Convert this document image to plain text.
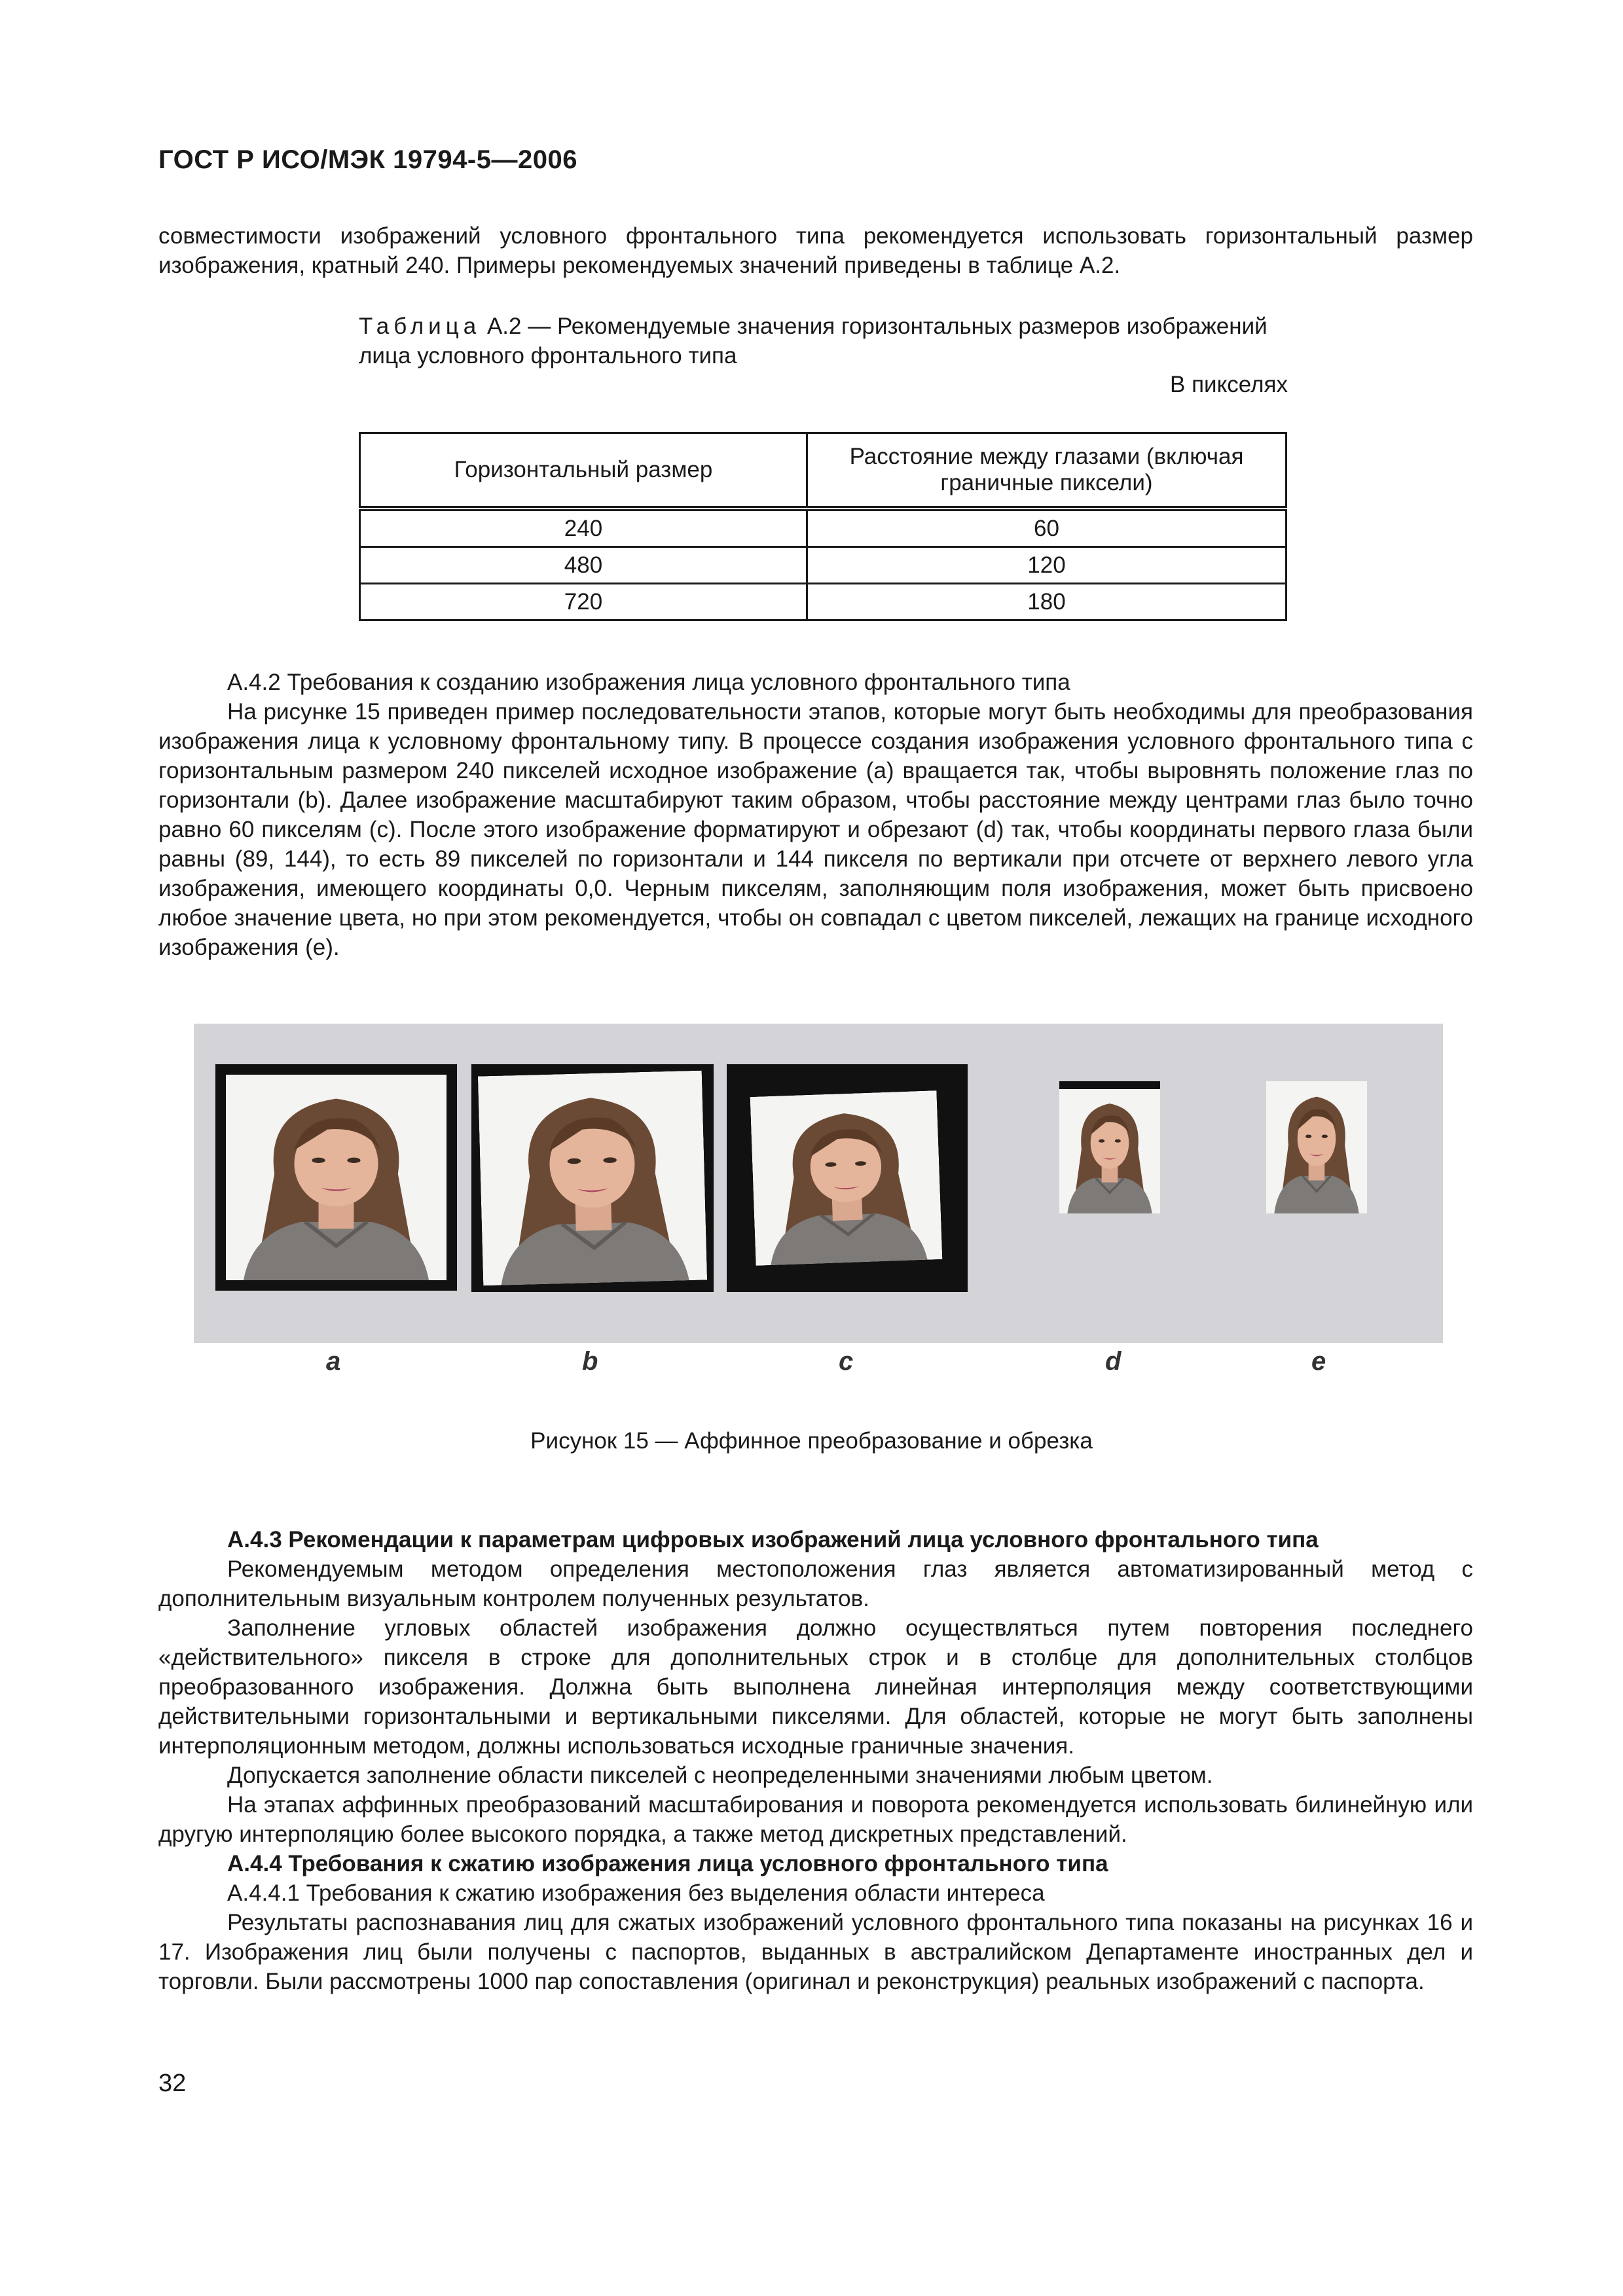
ГОСТ Р ИСО/МЭК 19794-5—2006
совместимости изображений условного фронтального типа рекомендуется использовать горизонтальный размер изображения, кратный 240. Примеры рекомендуемых значений приведены в таблице А.2.
Таблица А.2 — Рекомендуемые значения горизонтальных размеров изображений лица условного фронтального типа
В пикселях
Горизонтальный размер	Расстояние между глазами (включая граничные пиксели)
240	60
480	120
720	180
А.4.2 Требования к созданию изображения лица условного фронтального типа
На рисунке 15 приведен пример последовательности этапов, которые могут быть необходимы для преобразования изображения лица к условному фронтальному типу. В процессе создания изображения условного фронтального типа с горизонтальным размером 240 пикселей исходное изображение (а) вращается так, чтобы выровнять положение глаз по горизонтали (b). Далее изображение масштабируют таким образом, чтобы расстояние между центрами глаз было точно равно 60 пикселям (с). После этого изображение форматируют и обрезают (d) так, чтобы координаты первого глаза были равны (89, 144), то есть 89 пикселей по горизонтали и 144 пикселя по вертикали при отсчете от верхнего левого угла изображения, имеющего координаты 0,0. Черным пикселям, заполняющим поля изображения, может быть присвоено любое значение цвета, но при этом рекомендуется, чтобы он совпадал с цветом пикселей, лежащих на границе исходного изображения (е).
a	b	c	d	e
Рисунок 15 — Аффинное преобразование и обрезка
А.4.3 Рекомендации к параметрам цифровых изображений лица условного фронтального типа
Рекомендуемым методом определения местоположения глаз является автоматизированный метод с дополнительным визуальным контролем полученных результатов.
Заполнение угловых областей изображения должно осуществляться путем повторения последнего «действительного» пикселя в строке для дополнительных строк и в столбце для дополнительных столбцов преобразованного изображения. Должна быть выполнена линейная интерполяция между соответствующими действительными горизонтальными и вертикальными пикселями. Для областей, которые не могут быть заполнены интерполяционным методом, должны использоваться исходные граничные значения.
Допускается заполнение области пикселей с неопределенными значениями любым цветом.
На этапах аффинных преобразований масштабирования и поворота рекомендуется использовать билинейную или другую интерполяцию более высокого порядка, а также метод дискретных представлений.
А.4.4 Требования к сжатию изображения лица условного фронтального типа
А.4.4.1 Требования к сжатию изображения без выделения области интереса
Результаты распознавания лиц для сжатых изображений условного фронтального типа показаны на рисунках 16 и 17. Изображения лиц были получены с паспортов, выданных в австралийском Департаменте иностранных дел и торговли. Были рассмотрены 1000 пар сопоставления (оригинал и реконструкция) реальных изображений с паспорта.
32
